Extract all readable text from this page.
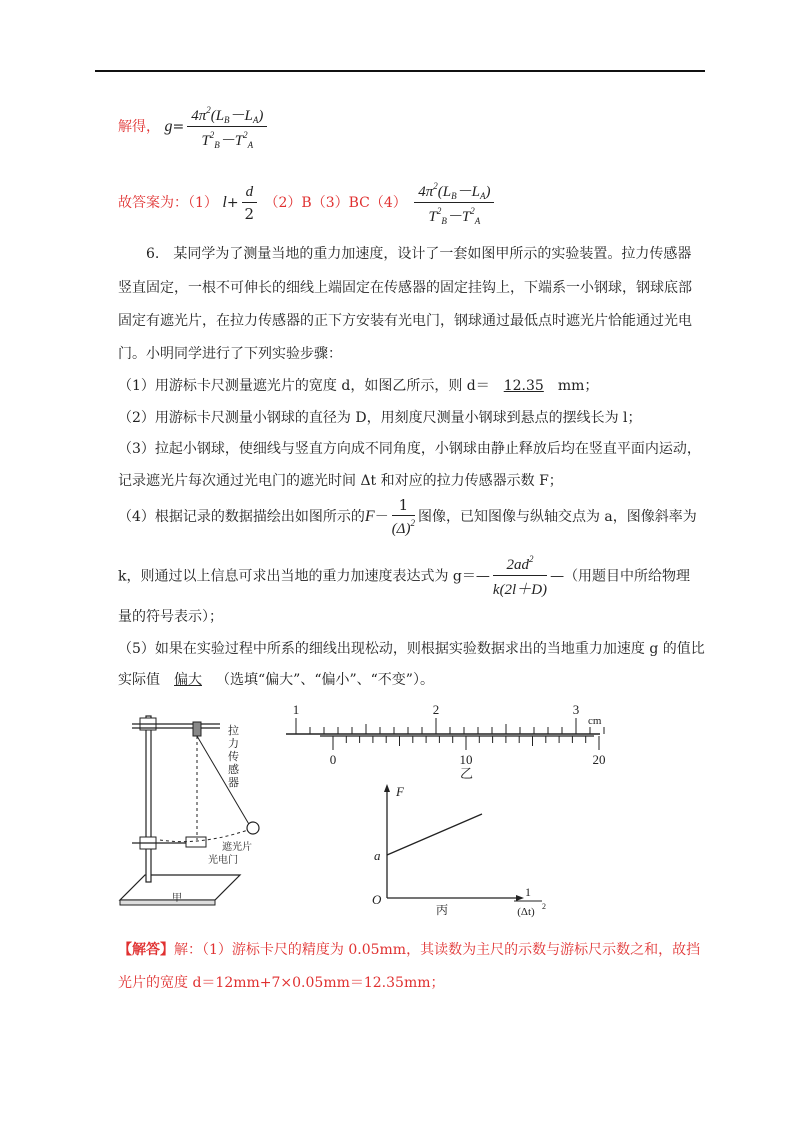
解得， $g= \frac{4\pi^2(L_B-L_A)}{T^2_B-T^2_A}$
故答案为：（1） $l+ \frac{d}{2} (2)B(3)BC(4) \frac{4\pi^2(L_B-L_A)}{T^2_B-T^2_A}$
6.　某同学为了测量当地的重力加速度，设计了一套如图甲所示的实验装置。拉力传感器
竖直固定，一根不可伸长的细线上端固定在传感器的固定挂钩上，下端系一小钢球，钢球底部
固定有遮光片，在拉力传感器的正下方安装有光电门，钢球通过最低点时遮光片恰能通过光电
门。小明同学进行了下列实验步骤：
（1）用游标卡尺测量遮光片的宽度 d，如图乙所示，则 d＝ 12.35 mm；
（2）用游标卡尺测量小钢球的直径为 D，用刻度尺测量小钢球到悬点的摆线长为 l；
（3）拉起小钢球，使细线与竖直方向成不同角度，小钢球由静止释放后均在竖直平面内运动，
记录遮光片每次通过光电门的遮光时间 Δt 和对应的拉力传感器示数 F；
（4）根据记录的数据描绘出如图所示的$F- \frac{1}{(\Delta)^2}$ 图像，已知图像与纵轴交点为 a，图像斜率为
k，则通过以上信息可求出当地的重力加速度表达式为 g＝— $\frac{2ad^2}{k(2l+D)}$ —（用题目中所给物理
量的符号表示）；
（5）如果在实验过程中所系的细线出现松动，则根据实验数据求出的当地重力加速度 g 的值比
实际值 偏大 （选填“偏大”、“偏小”、“不变”）。
拉
力
传
感
器
遮光片
光电门
甲
1	2	3
cm
0	10	20
乙
F
a
O
丙
1
(Δt) 2
【解答】解：（1）游标卡尺的精度为 0.05mm，其读数为主尺的示数与游标尺示数之和，故挡
光片的宽度 d＝12mm+7×0.05mm＝12.35mm；
